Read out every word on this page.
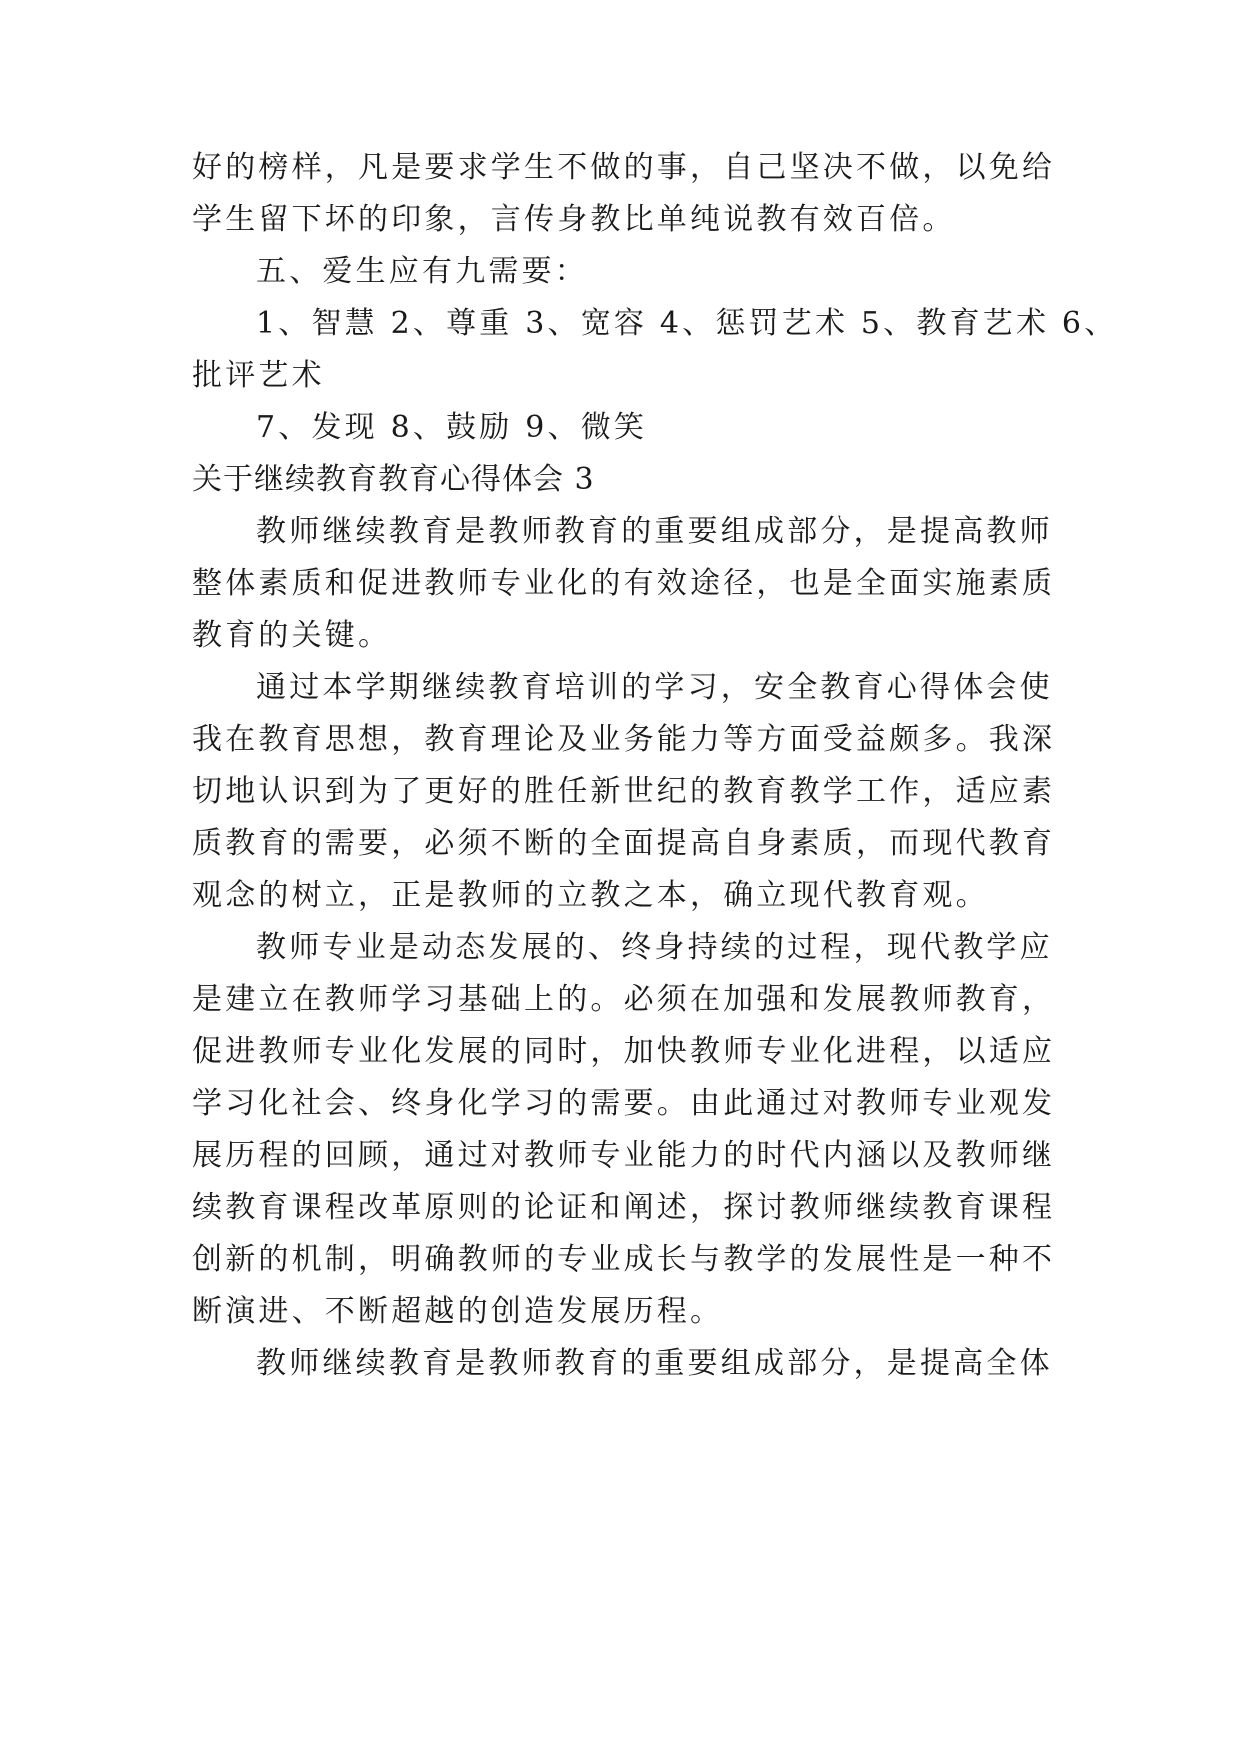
好的榜样，凡是要求学生不做的事，自己坚决不做，以免给
学生留下坏的印象，言传身教比单纯说教有效百倍。
五、爱生应有九需要：
1、智慧 2、尊重 3、宽容 4、惩罚艺术 5、教育艺术 6、
批评艺术
7、发现 8、鼓励 9、微笑
关于继续教育教育心得体会 3
教师继续教育是教师教育的重要组成部分，是提高教师
整体素质和促进教师专业化的有效途径，也是全面实施素质
教育的关键。
通过本学期继续教育培训的学习，安全教育心得体会使
我在教育思想，教育理论及业务能力等方面受益颇多。我深
切地认识到为了更好的胜任新世纪的教育教学工作，适应素
质教育的需要，必须不断的全面提高自身素质，而现代教育
观念的树立，正是教师的立教之本，确立现代教育观。
教师专业是动态发展的、终身持续的过程，现代教学应
是建立在教师学习基础上的。必须在加强和发展教师教育，
促进教师专业化发展的同时，加快教师专业化进程，以适应
学习化社会、终身化学习的需要。由此通过对教师专业观发
展历程的回顾，通过对教师专业能力的时代内涵以及教师继
续教育课程改革原则的论证和阐述，探讨教师继续教育课程
创新的机制，明确教师的专业成长与教学的发展性是一种不
断演进、不断超越的创造发展历程。
教师继续教育是教师教育的重要组成部分，是提高全体
